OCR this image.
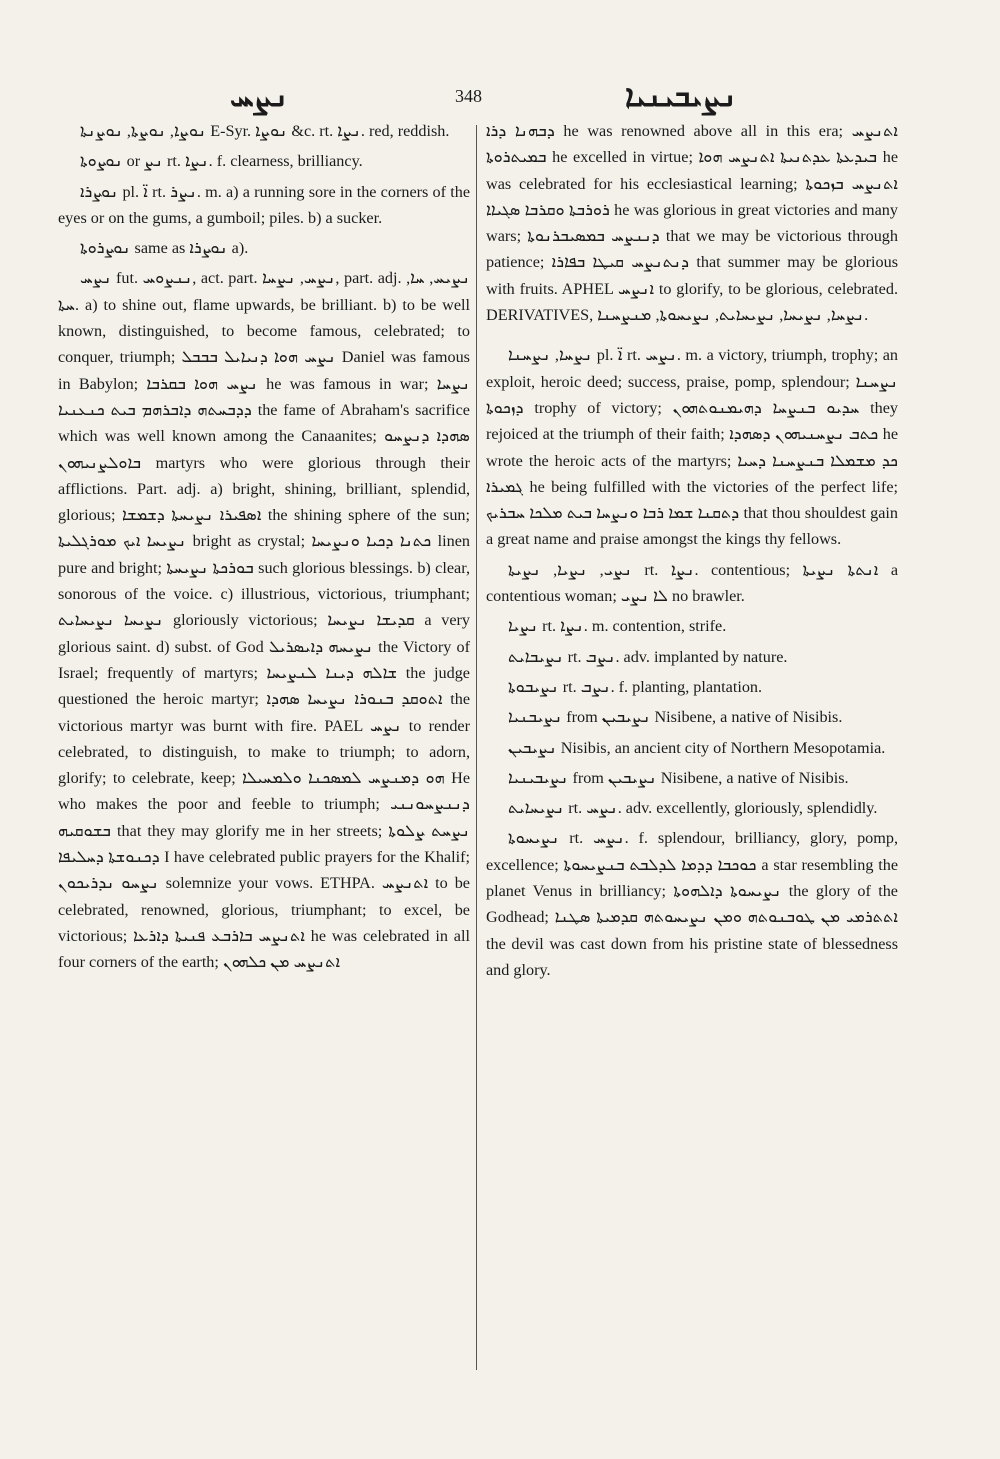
ܢܨܚ	348	ܢܨܝܒܝܢܝܐ

ܢܘܨܐ, ܢܘܨܬܐ, ܢܘܨܢܬܐ E-Syr. ܢܘܨܐ &c. rt. ܢܨܐ. red, reddish.

ܢܘܨܘܬܐ or ܢܨ rt. ܢܨܐ. f. clearness, brilliancy.

ܢܘܨܪܐ pl. ܐ̈ rt. ܢܨܪ. m. a) a running sore in the corners of the eyes or on the gums, a gumboil; piles. b) a sucker.

ܢܘܨܪܘܬܐ same as ܢܘܨܪܐ a).

ܢܨܚ fut. ܢܢܨܘܚ, act. part. ܢܨܚ, ܢܨܚܐ, part. adj. ܢܨܝܚ, ܚܐ, ܚܬܐ. a) to shine out, flame upwards, be brilliant. b) to be well known, distinguished, to become famous, celebrated; to conquer, triumph; ܢܨܚ ܗܘܐ ܕܢܝܐܝܠ ܒܒܒܠ Daniel was famous in Babylon; ܢܨܚ ܗܘܐ ܒܩܪܒܐ he was famous in war; ܢܨܚܐ ܕܕܒܚܬܗ ܕܐܒܪܗܡ ܒܝܬ ܟܢܥܢܝܐ the fame of Abraham's sacrifice which was well known among the Canaanites; ܣܗܕܐ ܕܢܨܚܘ ܒܐܘܠܨܢܝܗܘܢ martyrs who were glorious through their afflictions. Part. adj. a) bright, shining, brilliant, splendid, glorious; ܐܣܦܝܪܐ ܢܨܝܚܬܐ ܕܫܡܫܐ the shining sphere of the sun; ܢܨܝܚܐ ܐܝܟ ܡܘܪܓܠܝܬܐ bright as crystal; ܟܬܢܐ ܕܟܝܐ ܘܢܨܝܚܐ linen pure and bright; ܒܘܪܟܬܐ ܢܨܝܚܬܐ such glorious blessings. b) clear, sonorous of the voice. c) illustrious, victorious, triumphant; ܢܨܝܚܐ ܢܨܝܚܐܝܬ gloriously victorious; ܩܕܝܫܐ ܢܨܝܚܐ a very glorious saint. d) subst. of God ܢܨܝܚܗ ܕܐܝܣܪܝܠ the Victory of Israel; frequently of martyrs; ܫܐܠܗ ܕܝܢܐ ܠܢܨܝܚܐ the judge questioned the heroic martyr; ܐܬܘܩܕ ܒܢܘܪܐ ܢܨܝܚܐ ܣܗܕܐ the victorious martyr was burnt with fire. PAEL ܢܨܚ to render celebrated, to distinguish, to make to triumph; to adorn, glorify; to celebrate, keep; ܗܘ ܕܡܢܨܚ ܠܡܣܟܢܐ ܘܠܡܚܝܠܐ He who makes the poor and feeble to triumph; ܕܢܢܨܚܘܢܢܝ ܒܫܘܩܝܗ that they may glorify me in her streets; ܢܨܚܬ ܨܠܘܬܐ ܕܟܢܘܫܬܐ ܕܚܠܝܦܐ I have celebrated public prayers for the Khalif; ܢܨܚܘ ܢܕܪܝܟܘܢ solemnize your vows. ETHPA. ܐܬܢܨܚ to be celebrated, renowned, glorious, triumphant; to excel, be victorious; ܐܬܢܨܚ ܒܐܪܒܥ ܦܢܝܬܐ ܕܐܪܥܐ he was celebrated in all four corners of the earth; ܐܬܢܨܚ ܡܢ ܟܠܗܘܢ

ܕܒܗܢܐ ܕܪܐ he was renowned above all in this era; ܐܬܢܨܚ ܒܡܝܬܪܘܬܐ he excelled in virtue; ܒܝܕܥܬܐ ܥܕܬܢܝܬܐ ܐܬܢܨܚ ܗܘܐ he was celebrated for his ecclesiastical learning; ܐܬܢܨܚ ܒܙܟܘܬܐ ܪܘܪܒܬܐ ܘܩܪܒܐ ܣܓܝܐܐ he was glorious in great victories and many wars; ܕܢܢܨܚ ܒܡܣܝܒܪܢܘܬܐ that we may be victorious through patience; ܕܢܬܢܨܚ ܩܝܛܐ ܒܦܐܪܐ that summer may be glorious with fruits. APHEL ܐܢܨܚ to glorify, to be glorious, celebrated. DERIVATIVES, ܢܨܚܐ, ܢܨܝܚܐ, ܢܨܝܚܐܝܬ, ܢܨܝܚܘܬܐ, ܡܢܨܚܢܐ.

ܢܨܚܐ, ܢܨܚܢܐ pl. ܐ̈ rt. ܢܨܚ. m. a victory, triumph, trophy; an exploit, heroic deed; success, praise, pomp, splendour; ܢܨܚܢܐ ܕܙܟܘܬܐ trophy of victory; ܚܕܝܘ ܒܢܨܚܐ ܕܗܝܡܢܘܬܗܘܢ they rejoiced at the triumph of their faith; ܟܬܒ ܢܨܚܢܝܗܘܢ ܕܣܗܕܐ he wrote the heroic acts of the martyrs; ܟܕ ܡܫܡܠܐ ܒܢܨܚܢܐ ܕܚܝܐ ܓܡܝܪܐ he being fulfilled with the victories of the perfect life; ܕܬܩܢܐ ܫܡܐ ܪܒܐ ܘܢܨܚܐ ܒܝܬ ܡܠܟܐ ܚܒܪܝܟ that thou shouldest gain a great name and praise amongst the kings thy fellows.

ܢܨܝ, ܢܨܝܐ, ܢܨܝܬܐ rt. ܢܨܐ. contentious; ܐܢܬܬܐ ܢܨܝܬܐ a contentious woman; ܠܐ ܢܨܝ no brawler.

ܢܨܝܐ rt. ܢܨܐ. m. contention, strife.

ܢܨܝܒܐܝܬ rt. ܢܨܒ. adv. implanted by nature.

ܢܨܝܒܘܬܐ rt. ܢܨܒ. f. planting, plantation.

ܢܨܝܒܢܝܐ from ܢܨܝܒܝܢ Nisibene, a native of Nisibis.

ܢܨܝܒܝܢ Nisibis, an ancient city of Northern Mesopotamia.

ܢܨܝܒܝܢܝܐ from ܢܨܝܒܝܢ Nisibene, a native of Nisibis.

ܢܨܝܚܐܝܬ rt. ܢܨܚ. adv. excellently, gloriously, splendidly.

ܢܨܝܚܘܬܐ rt. ܢܨܚ. f. splendour, brilliancy, glory, pomp, excellence; ܟܘܟܒܐ ܕܕܡܐ ܠܕܠܒܬ ܒܢܨܝܚܘܬܐ a star resembling the planet Venus in brilliancy; ܢܨܝܚܘܬܐ ܕܐܠܗܘܬܐ the glory of the Godhead; ܐܬܬܪܡܝ ܡܢ ܛܘܒܢܘܬܗ ܘܡܢ ܢܨܝܚܘܬܗ ܩܕܡܝܬܐ ܣܛܢܐ the devil was cast down from his pristine state of blessedness and glory.
